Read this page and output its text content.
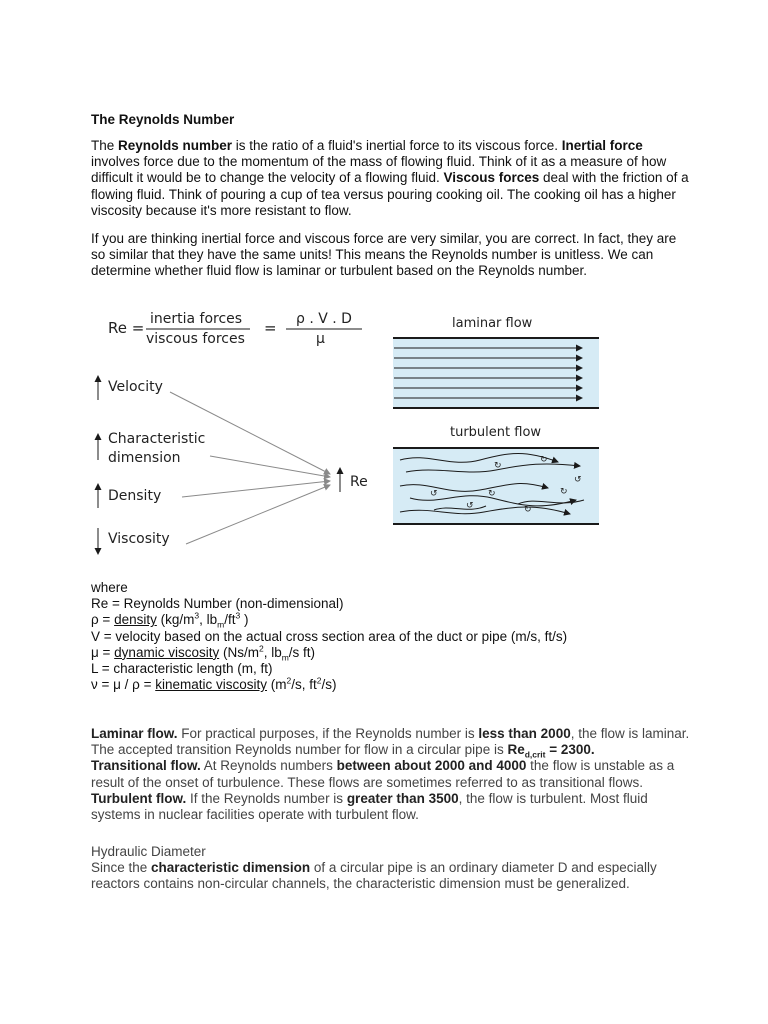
The Reynolds Number
The Reynolds number is the ratio of a fluid's inertial force to its viscous force. Inertial force involves force due to the momentum of the mass of flowing fluid. Think of it as a measure of how difficult it would be to change the velocity of a flowing fluid. Viscous forces deal with the friction of a flowing fluid. Think of pouring a cup of tea versus pouring cooking oil. The cooking oil has a higher viscosity because it's more resistant to flow.
If you are thinking inertial force and viscous force are very similar, you are correct. In fact, they are so similar that they have the same units! This means the Reynolds number is unitless. We can determine whether fluid flow is laminar or turbulent based on the Reynolds number.
Re = inertia forces
viscous forces
= ρ . V . D
μ
Velocity
Characteristic
dimension
Density
Viscosity
Re
laminar flow
turbulent flow
↻
↻
↺	↻	↻
↺	↻
↺
where
Re = Reynolds Number (non-dimensional)
ρ = density ($kg/m^3$, $lb_m/ft^3$ )
V = velocity based on the actual cross section area of the duct or pipe (m/s, ft/s)
μ = dynamic viscosity ($Ns/m^2$, $lb_m/s$ ft)
L = characteristic length (m, ft)
ν = μ / ρ = kinematic viscosity ($m^2/s$, $ft^2/s$)
Laminar flow. For practical purposes, if the Reynolds number is less than 2000, the flow is laminar. The accepted transition Reynolds number for flow in a circular pipe is $Re_{d,crit} = 2300$.
Transitional flow. At Reynolds numbers between about 2000 and 4000 the flow is unstable as a result of the onset of turbulence. These flows are sometimes referred to as transitional flows.
Turbulent flow. If the Reynolds number is greater than 3500, the flow is turbulent. Most fluid systems in nuclear facilities operate with turbulent flow.
Hydraulic Diameter
Since the characteristic dimension of a circular pipe is an ordinary diameter D and especially reactors contains non-circular channels, the characteristic dimension must be generalized.
